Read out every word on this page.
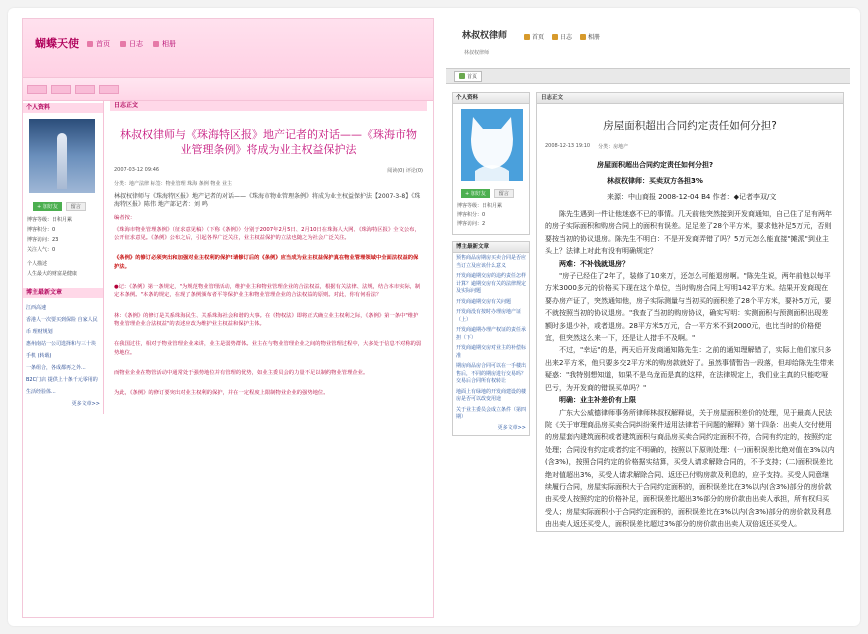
蝴蝶天使 首页	日志	相册
个人资料
+ 加好友	留言

博客等级：日积月累

博客积分：0

博客访问：23

关注人气：0

个人描述

人生最大的财富是健康

博主最新文章
江西高速
香港人一次要买到保险 自家人民币 理财规划
惠州南站一公司选择和与三十块手机 (转载)
一条组合，各成都再之外...
B2C门店 提供上十条千元零用的生活经验体...
更多文章>>
日志正文
林叔权律师与《珠海特区报》地产记者的对话——《珠海市物业管理条例》将成为业主权益保护法
2007-03-12 09:46	阅读(0) 评论(0)
分类：地产法律 标签：物业管理 珠海 条例 物业 业主
林叔权律师与《珠海特区报》地产记者的对话——《珠海市物业管理条例》将成为业主权益保护法【2007-3-8】《珠海特区报》陈伟 地产部记者：刘 鸣
编者按：
《珠海市物业管理条例》（征求意见稿）（下称《条例》）分别于2007年2月5日、2月10日在珠海人大网、《珠海特区报》全文公布，公开征求意见。《条例》公布之后，引起各界广泛关注，业主权益保护的立法也随之为社会广泛关注。
《条例》的修订必须突出和加强对业主权利的保护!请修订后的《条例》应当成为业主权益保护真在物业管理领域中全面法权益的保护法。
●记：《条例》第一条规定，"为规范物业管理活动，维护业主和物业管理企业的合法权益，根据有关法律、法规，结合本市实际，制定本条例。"本条的规定，在现了条例颁布者平等保护业主和物业管理企业的合法权益的原则。对此，你有何看法？
林：《条例》的修订是关系珠海民生、关系珠海社会和谐的大事。在《物权法》即将正式确立业主权利之际，《条例》第一条中"维护物业管理企业合法权益"的表述应改为维护业主权益和保护主体。
在我国过往，相对于物业管理企业来讲，业主是弱势群体。业主在与物业管理企业之间的物业管理过程中，大多处于信息不对称的弱势地位。
而物业企业在物管活动中通常处于强势地位并有管理的优势，如业主委员会的力量不足以制约物业管理企业。
为此，《条例》的修订要突出对业主权利的保护，并在一定程度上限制物业企业的强势地位。
林叔权律师	首页	日志	相册
林叔权律师
首页
个人资料
+ 加好友	留言

博客等级：日积月累

博客积分：0

博客访问：2

博主最新文章
预售商品房期房买卖合同是否应当订立及应该什么意义
开发商逾期交房的违约责任怎样计算？逾期交房有关的法律规定及实际问题
开发商逾期交房有关问题
开发商没有按时办理房地产证（上）
开发商逾期办理产权证的责任承担（下）
开发商逾期交房对业主的补偿标准
期房商品房合同可以在一手楼出售后，不同的期房进行交易吗？交易后合同所有权转让
地面上有绿地的开发商建设的楼房是否可以改变用途
关于业主委员会成立条件（第四期）
更多文章>>
日志正文
房屋面积超出合同约定责任如何分担?
2008-12-13 19:10 分类：房地产
房屋面积超出合同约定责任如何分担?
林叔权律师：买卖双方各担3%
来源：中山商报 2008-12-04 B4 作者：◆记者李双/文
陈先生遇到一件让他迷惑不已的事情。几天前他突然接到开发商通知，自己住了足有两年的房子实际面积和购房合同上的面积有误差。足足差了28个平方米，要求他补足5万元，否则要按当初的协议退房。陈先生不明白：不是开发商弄错了吗？5万元怎么能直接"摊派"到业主头上？法律上对此有没有明确规定？
两难：不补钱就退房？
"房子已经住了2年了，装修了10来万，还怎么可能退房啊。"陈先生说，两年前他以每平方米3000多元的价格买下现在这个单位，当时购房合同上写明142平方米。结果开发商现在要办房产证了，突然通知他，房子实际测量与当初买的面积差了28个平方米，要补5万元，要不就按照当初的协议退房。"我查了当初的购房协议，确实写明：实测面积与预测面积出现差额时多退少补，或者退房。28平方米5万元，合一平方米不到2000元，也比当时的价格便宜，但突然这么来一下，还是让人措手不及啊。"
不过，"幸运"的是，两天后开发商通知陈先生：之前的通知理解错了，实际上他们家只多出来2平方米，他只要多交2平方米的购房款就好了。虽然事情暂告一段落，但却给陈先生带来疑惑："我特别想知道，如果不是乌龙而是真的这样，在法律规定上，我们业主真的只能吃哑巴亏，为开发商的错误买单吗？"
明确：业主补差价有上限
广东大公威德律师事务所律师林叔权解释说，关于房屋面积差价的处理，见于最高人民法院《关于审理商品房买卖合同纠纷案件适用法律若干问题的解释》第十四条：出卖人交付使用的房屋套内建筑面积或者建筑面积与商品房买卖合同约定面积不符，合同有约定的，按照约定处理；合同没有约定或者约定不明确的，按照以下原则处理：(一)面积误差比绝对值在3%以内(含3%)，按照合同约定的价格据实结算，买受人请求解除合同的，不予支持；(二)面积误差比绝对值超出3%，买受人请求解除合同、返还已付购房款及利息的，应予支持。买受人同意继续履行合同，房屋实际面积大于合同约定面积的，面积误差比在3%以内(含3%)部分的房价款由买受人按照约定的价格补足，面积误差比超出3%部分的房价款由出卖人承担，所有权归买受人；房屋实际面积小于合同约定面积的，面积误差比在3%以内(含3%)部分的房价款及利息由出卖人返还买受人，面积误差比超过3%部分的房价款由出卖人双倍返还买受人。
